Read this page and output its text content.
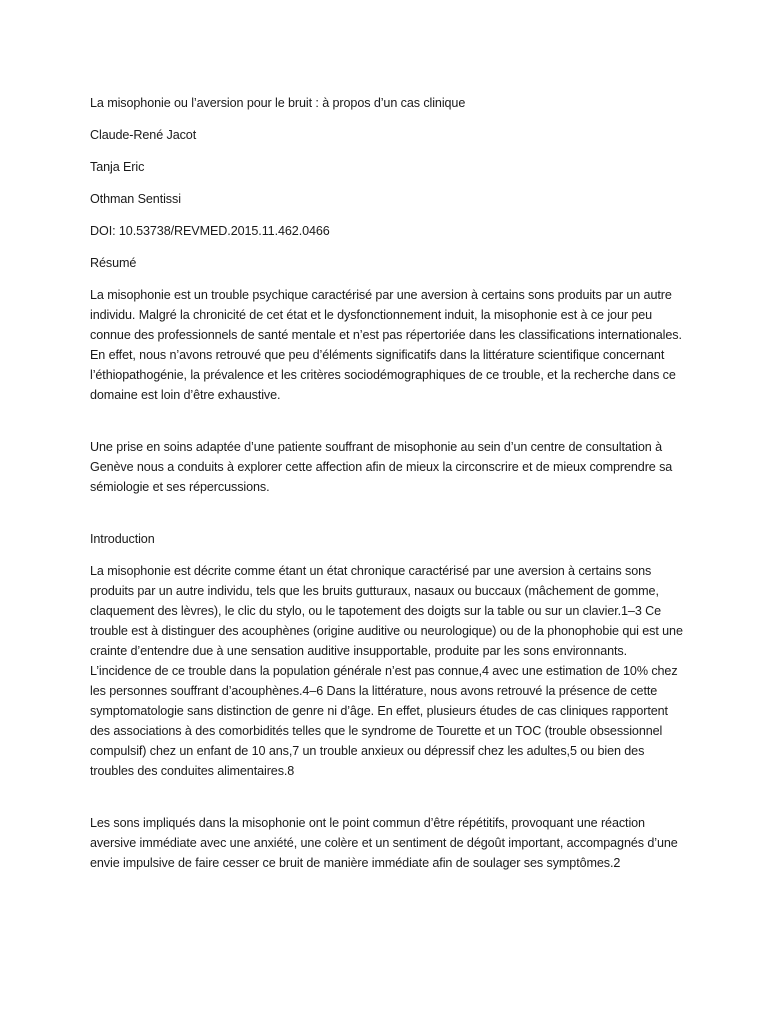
La misophonie ou l’aversion pour le bruit : à propos d’un cas clinique

Claude-René Jacot

Tanja Eric

Othman Sentissi

DOI: 10.53738/REVMED.2015.11.462.0466

Résumé

La misophonie est un trouble psychique caractérisé par une aversion à certains sons produits par un autre individu. Malgré la chronicité de cet état et le dysfonctionnement induit, la misophonie est à ce jour peu connue des professionnels de santé mentale et n’est pas répertoriée dans les classifications internationales. En effet, nous n’avons retrouvé que peu d’éléments significatifs dans la littérature scientifique concernant l’éthiopathogénie, la prévalence et les critères sociodémographiques de ce trouble, et la recherche dans ce domaine est loin d’être exhaustive.

Une prise en soins adaptée d’une patiente souffrant de misophonie au sein d’un centre de consultation à Genève nous a conduits à explorer cette affection afin de mieux la circonscrire et de mieux comprendre sa sémiologie et ses répercussions.

Introduction

La misophonie est décrite comme étant un état chronique caractérisé par une aversion à certains sons produits par un autre individu, tels que les bruits gutturaux, nasaux ou buccaux (mâchement de gomme, claquement des lèvres), le clic du stylo, ou le tapotement des doigts sur la table ou sur un clavier.1–3 Ce trouble est à distinguer des acouphènes (origine auditive ou neurologique) ou de la phonophobie qui est une crainte d’entendre due à une sensation auditive insupportable, produite par les sons environnants. L’incidence de ce trouble dans la population générale n’est pas connue,4 avec une estimation de 10% chez les personnes souffrant d’acouphènes.4–6 Dans la littérature, nous avons retrouvé la présence de cette symptomatologie sans distinction de genre ni d’âge. En effet, plusieurs études de cas cliniques rapportent des associations à des comorbidités telles que le syndrome de Tourette et un TOC (trouble obsessionnel compulsif) chez un enfant de 10 ans,7 un trouble anxieux ou dépressif chez les adultes,5 ou bien des troubles des conduites alimentaires.8

Les sons impliqués dans la misophonie ont le point commun d’être répétitifs, provoquant une réaction aversive immédiate avec une anxiété, une colère et un sentiment de dégoût important, accompagnés d’une envie impulsive de faire cesser ce bruit de manière immédiate afin de soulager ses symptômes.2
